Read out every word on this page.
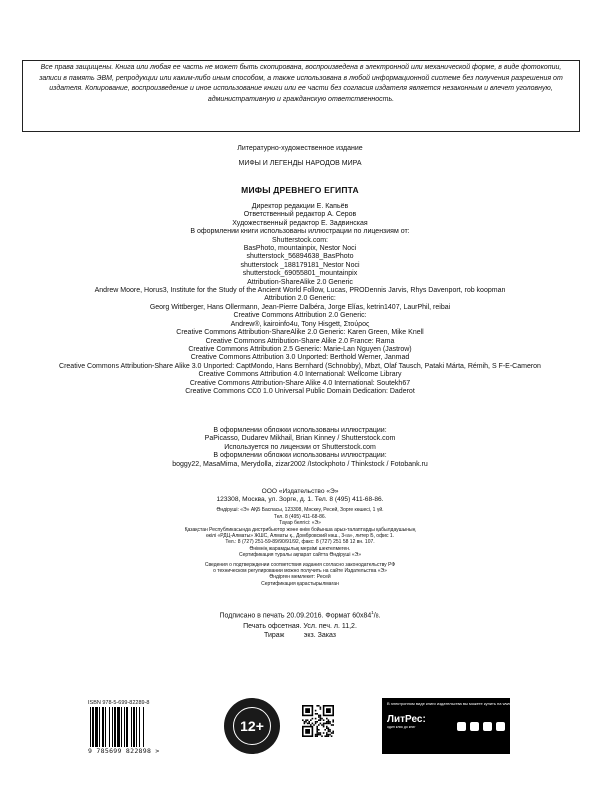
Все права защищены. Книга или любая ее часть не может быть скопирована, воспроизведена в электронной или механической форме, в виде фотокопии, записи в память ЭВМ, репродукции или каким-либо иным способом, а также использована в любой информационной системе без получения разрешения от издателя. Копирование, воспроизведение и иное использование книги или ее части без согласия издателя является незаконным и влечет уголовную, административную и гражданскую ответственность.
Литературно-художественное издание
МИФЫ И ЛЕГЕНДЫ НАРОДОВ МИРА
МИФЫ ДРЕВНЕГО ЕГИПТА
Директор редакции Е. Капьёв
Ответственный редактор А. Серов
Художественный редактор Е. Задвинская
В оформлении книги использованы иллюстрации по лицензиям от:
Shutterstock.com:
BasPhoto, mountainpix, Nestor Noci
shutterstock_56894638_BasPhoto
shutterstock _188179181_Nestor Noci
shutterstock_69055801_mountainpix
Attribution-ShareAlike 2.0 Generic
Andrew Moore, Horus3, Institute for the Study of the Ancient World Follow, Lucas, PRODennis Jarvis, Rhys Davenport, rob koopman
Attribution 2.0 Generic:
Georg Wittberger, Hans Ollermann, Jean-Pierre Dalbéra, Jorge Elías, ketrin1407, LaurPhil, reibai
Creative Commons Attribution 2.0 Generic:
Andrew®, kairoinfo4u, Tony Hisgett, Στούρος
Creative Commons Attribution-ShareAlike 2.0 Generic: Karen Green, Mike Knell
Creative Commons Attribution-Share Alike 2.0 France: Rama
Creative Commons Attribution 2.5 Generic: Marie-Lan Nguyen (Jastrow)
Creative Commons Attribution 3.0 Unported: Berthold Werner, Janmad
Creative Commons Attribution-Share Alike 3.0 Unported: CaptMondo, Hans Bernhard (Schnobby), Mbzt, Olaf Tausch, Pataki Márta, Rémih, S F-E-Cameron
Creative Commons Attribution 4.0 International: Wellcome Library
Creative Commons Attribution-Share Alike 4.0 International: Soutekh67
Creative Commons CC0 1.0 Universal Public Domain Dedication: Daderot
В оформлении обложки использованы иллюстрации:
PaPicasso, Dudarev Mikhail, Brian Kinney / Shutterstock.com
Используется по лицензии от Shutterstock.com
В оформлении обложки использованы иллюстрации:
boggy22, MasaMima, Merydolla, zizar2002 /Istockphoto / Thinkstock / Fotobank.ru
ООО «Издательство «Э»
123308, Москва, ул. Зорге, д. 1. Тел. 8 (495) 411-68-86.
Өндіруші: «Э» АҚБ Баспасы, 123308, Мәскеу, Ресей, Зорге көшесі, 1 үй.
Тел. 8 (495) 411-68-86.
Тауар белгісі: «Э»
Қазақстан Республикасында дистрибьютор және өнім бойынша арыз-талаптарды қабылдаушының
өкілі «РДЦ-Алматы» ЖШС, Алматы қ., Домбровский көш., 3«а», литер Б, офис 1.
Тел.: 8 (727) 251-59-89/90/91/92, факс: 8 (727) 251 58 12 вн. 107.
Өнімнің жарамдылық мерзімі шектелмеген.
Сертификация туралы ақпарат сайтта Өндіруші «Э»
Сведения о подтверждении соответствия издания согласно законодательству РФ
о техническом регулировании можно получить на сайте Издательства «Э»
Өндірген мемлекет: Ресей
Сертификация қарастырылмаған
Подписано в печать 20.09.2016. Формат $60x84^1/8$.
Печать офсетная. Усл. печ. л. 11,2.
Тираж          экз. Заказ
ISBN 978-5-699-82289-8
9 785699 822898 >
12+
В электронном виде книги издательства вы можете купить на www.litres.ru
ЛитРес:
один клик до книг
